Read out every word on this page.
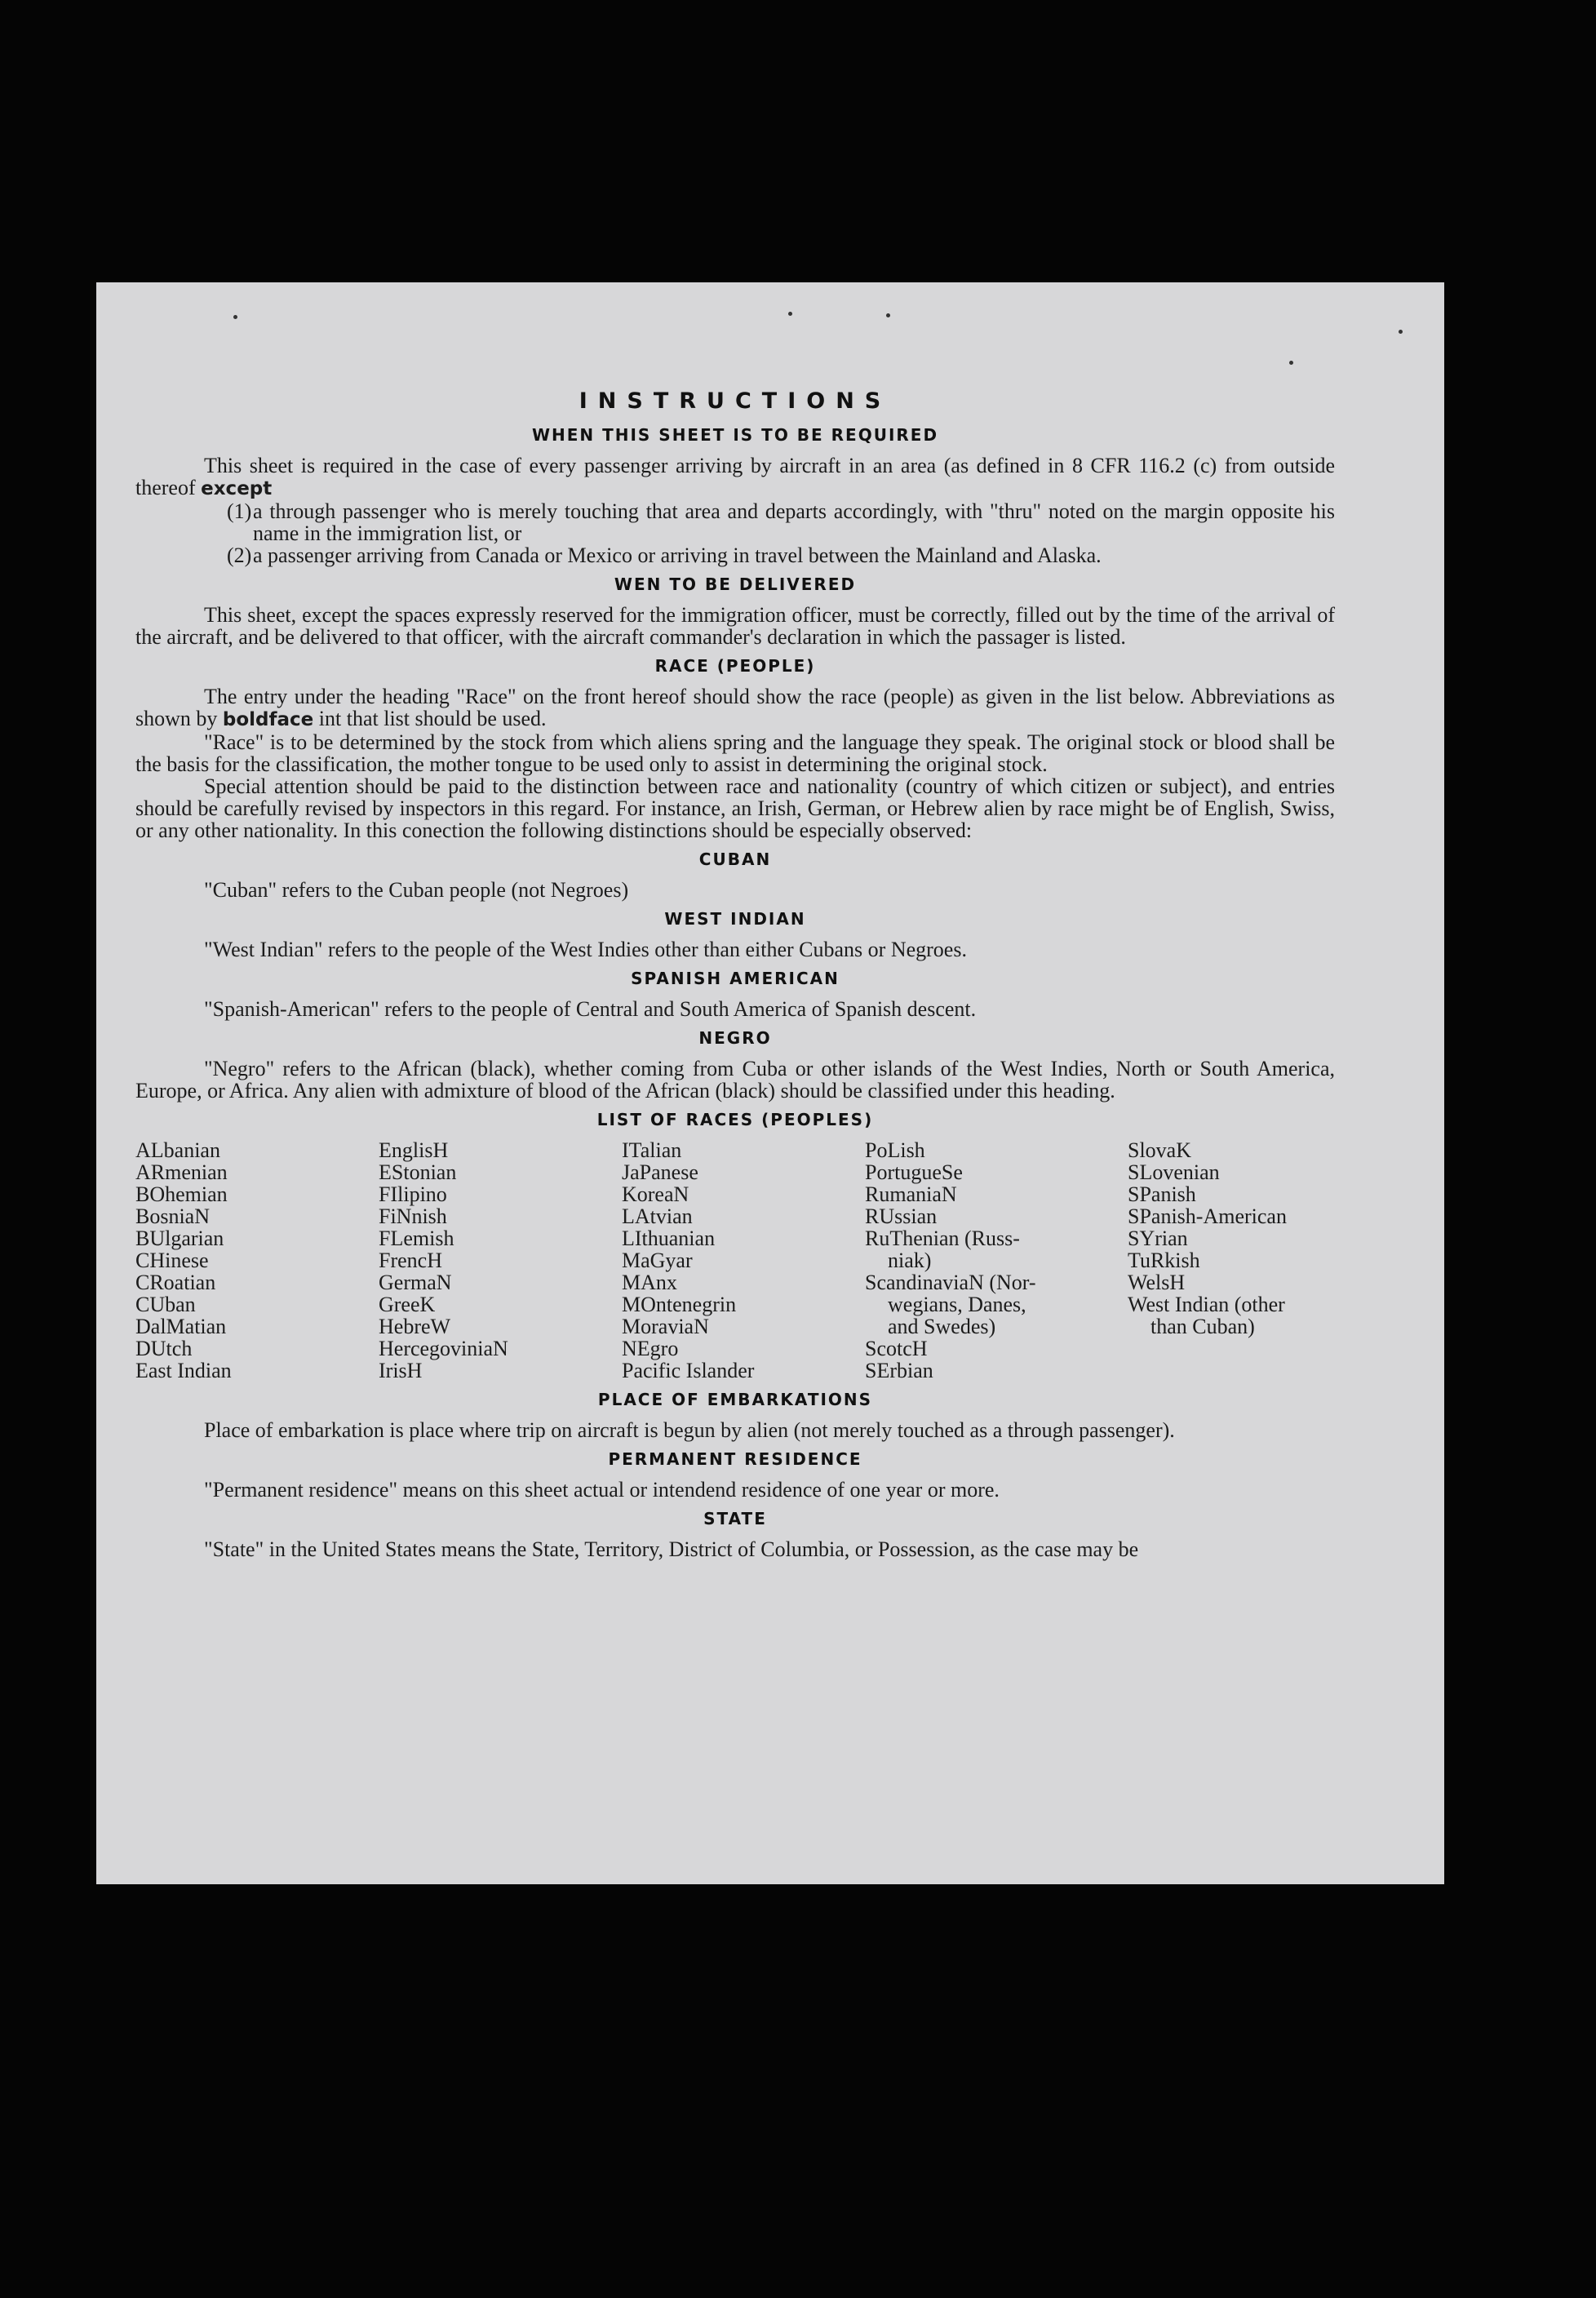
INSTRUCTIONS
WHEN THIS SHEET IS TO BE REQUIRED

This sheet is required in the case of every passenger arriving by aircraft in an area (as defined in 8 CFR 116.2 (c) from outside thereof except

(1) a through passenger who is merely touching that area and departs accordingly, with "thru" noted on the margin opposite his name in the immigration list, or
(2) a passenger arriving from Canada or Mexico or arriving in travel between the Mainland and Alaska.
WEN TO BE DELIVERED

This sheet, except the spaces expressly reserved for the immigration officer, must be correctly, filled out by the time of the arrival of the aircraft, and be delivered to that officer, with the aircraft commander's declaration in which the passager is listed.

RACE (PEOPLE)

The entry under the heading "Race" on the front hereof should show the race (people) as given in the list below. Abbreviations as shown by boldface int that list should be used.

"Race" is to be determined by the stock from which aliens spring and the language they speak. The original stock or blood shall be the basis for the classification, the mother tongue to be used only to assist in determining the original stock.

Special attention should be paid to the distinction between race and nationality (country of which citizen or subject), and entries should be carefully revised by inspectors in this regard. For instance, an Irish, German, or Hebrew alien by race might be of English, Swiss, or any other nationality. In this conection the following distinctions should be especially observed:

CUBAN

"Cuban" refers to the Cuban people (not Negroes)

WEST INDIAN

"West Indian" refers to the people of the West Indies other than either Cubans or Negroes.

SPANISH AMERICAN

"Spanish-American" refers to the people of Central and South America of Spanish descent.

NEGRO

"Negro" refers to the African (black), whether coming from Cuba or other islands of the West Indies, North or South America, Europe, or Africa. Any alien with admixture of blood of the African (black) should be classified under this heading.

LIST OF RACES (PEOPLES)
ALbanian
ARmenian
BOhemian
BosniaN
BUlgarian
CHinese
CRoatian
CUban
DalMatian
DUtch
East Indian
EnglisH
EStonian
FIlipino
FiNnish
FLemish
FrencH
GermaN
GreeK
HebreW
HercegoviniaN
IrisH
ITalian
JaPanese
KoreaN
LAtvian
LIthuanian
MaGyar
MAnx
MOntenegrin
MoraviaN
NEgro
Pacific Islander
PoLish
PortugueSe
RumaniaN
RUssian
RuThenian (Russ-
niak)
ScandinaviaN (Nor-
wegians, Danes,
and Swedes)
ScotcH
SErbian
SlovaK
SLovenian
SPanish
SPanish-American
SYrian
TuRkish
WelsH
West Indian (other
than Cuban)
PLACE OF EMBARKATIONS

Place of embarkation is place where trip on aircraft is begun by alien (not merely touched as a through passenger).

PERMANENT RESIDENCE

"Permanent residence" means on this sheet actual or intendend residence of one year or more.

STATE

"State" in the United States means the State, Territory, District of Columbia, or Possession, as the case may be
